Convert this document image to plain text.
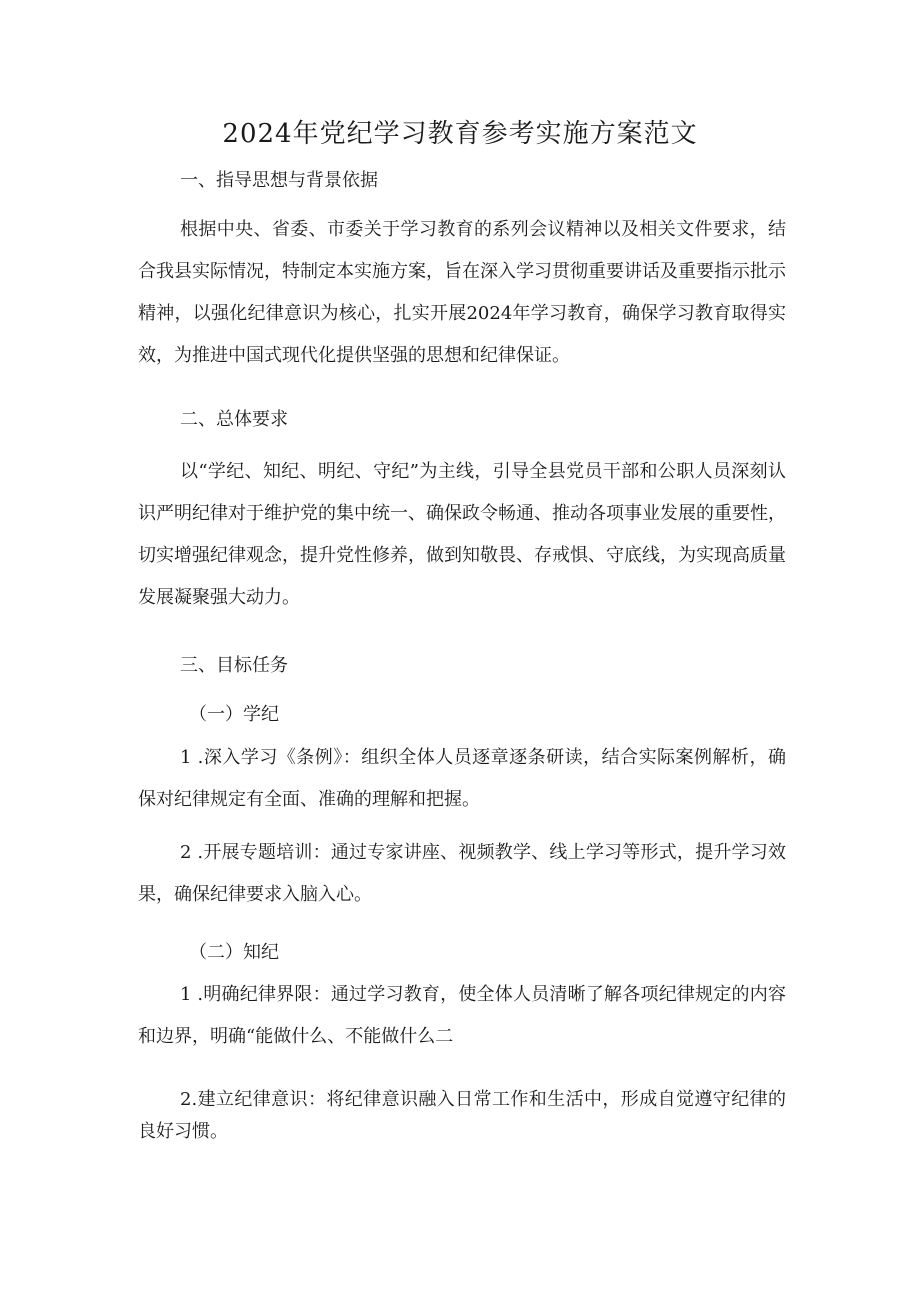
2024年党纪学习教育参考实施方案范文
一、指导思想与背景依据

根据中央、省委、市委关于学习教育的系列会议精神以及相关文件要求，结合我县实际情况，特制定本实施方案，旨在深入学习贯彻重要讲话及重要指示批示精神，以强化纪律意识为核心，扎实开展2024年学习教育，确保学习教育取得实效，为推进中国式现代化提供坚强的思想和纪律保证。

二、总体要求

以“学纪、知纪、明纪、守纪”为主线，引导全县党员干部和公职人员深刻认识严明纪律对于维护党的集中统一、确保政令畅通、推动各项事业发展的重要性，切实增强纪律观念，提升党性修养，做到知敬畏、存戒惧、守底线，为实现高质量发展凝聚强大动力。

三、目标任务
（一）学纪

1 .深入学习《条例》：组织全体人员逐章逐条研读，结合实际案例解析，确保对纪律规定有全面、准确的理解和把握。

2 .开展专题培训：通过专家讲座、视频教学、线上学习等形式，提升学习效果，确保纪律要求入脑入心。

（二）知纪

1 .明确纪律界限：通过学习教育，使全体人员清晰了解各项纪律规定的内容和边界，明确“能做什么、不能做什么二

2.建立纪律意识：将纪律意识融入日常工作和生活中，形成自觉遵守纪律的良好习惯。
